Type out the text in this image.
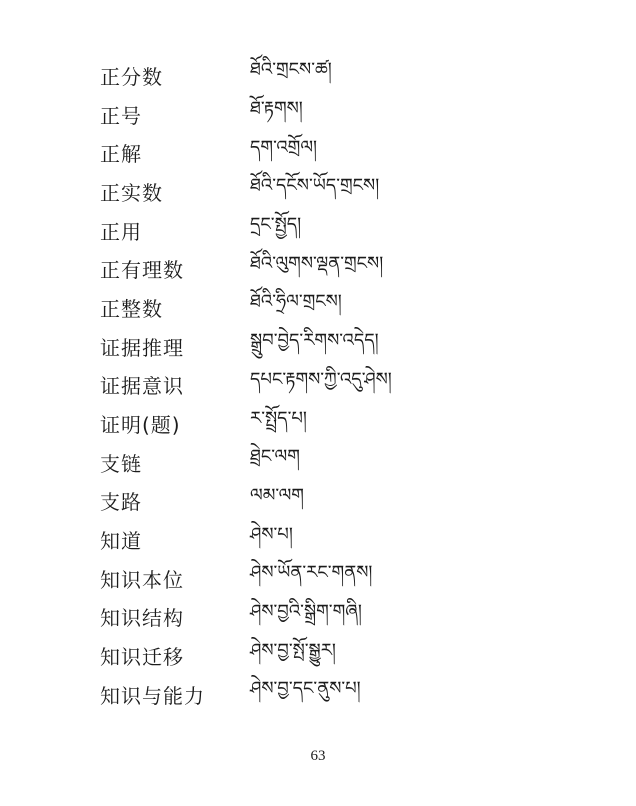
正分数	ཐོའི་གྲངས་ཚ།
正号	ཐོ་རྟགས།
正解	དག་འགྲོལ།
正实数	ཐོའི་དངོས་ཡོད་གྲངས།
正用	དྲང་སྤྱོད།
正有理数	ཐོའི་ལུགས་ལྡན་གྲངས།
正整数	ཐོའི་ཧྲིལ་གྲངས།
证据推理	སྒྲུབ་བྱེད་རིགས་འདེད།
证据意识	དཔང་རྟགས་ཀྱི་འདུ་ཤེས།
证明(题)	ར་སྤྲོད་པ།
支链	ཐྲེང་ལག
支路	ལམ་ལག
知道	ཤེས་པ།
知识本位	ཤེས་ཡོན་རང་གནས།
知识结构	ཤེས་བྱའི་སྒྲིག་གཞི།
知识迁移	ཤེས་བྱ་སྤོ་སྒྱུར།
知识与能力	ཤེས་བྱ་དང་ནུས་པ།
63
